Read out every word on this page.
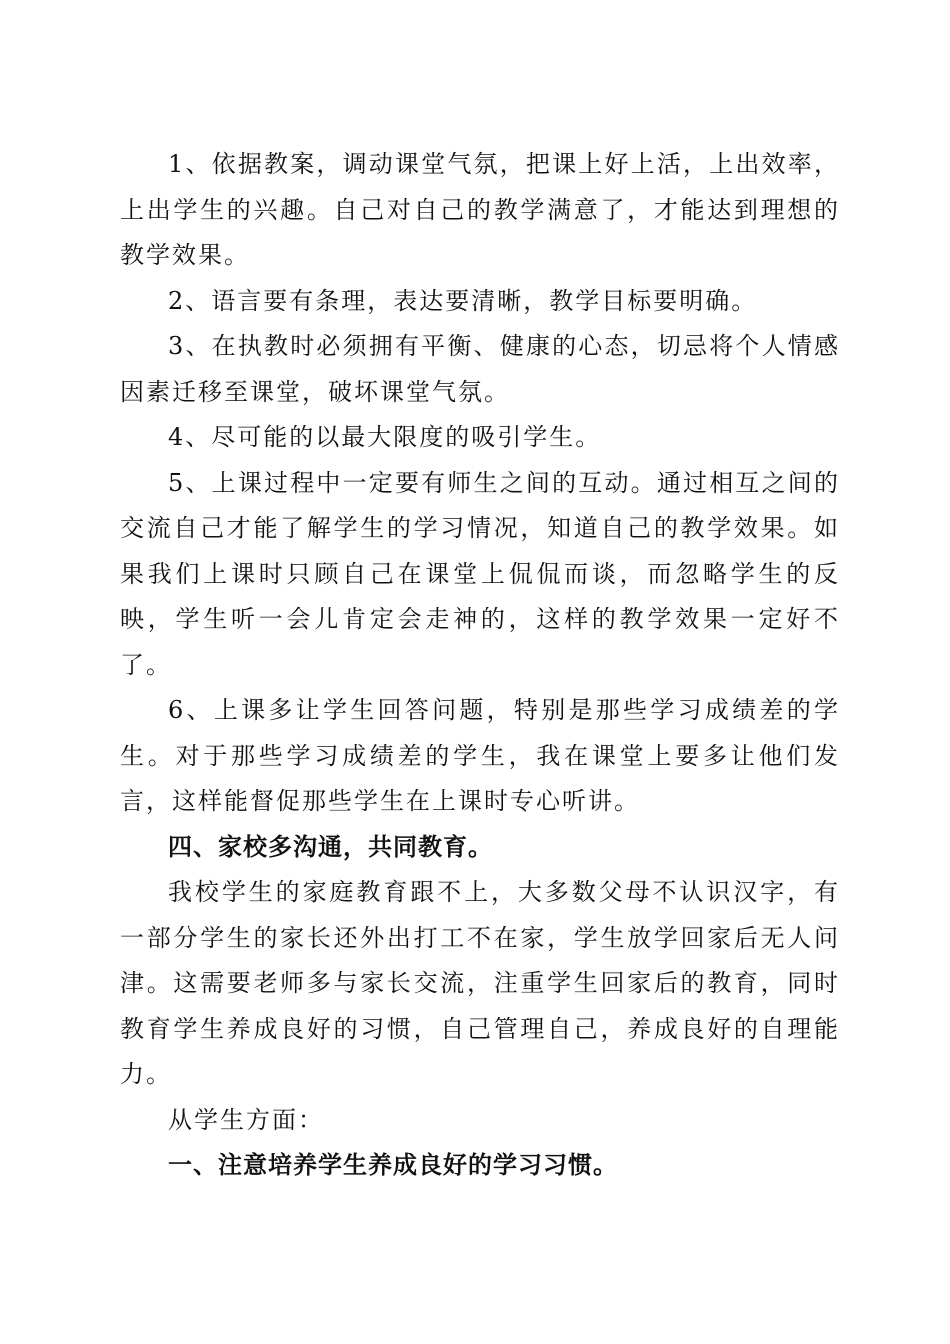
1、依据教案，调动课堂气氛，把课上好上活，上出效率，上出学生的兴趣。自己对自己的教学满意了，才能达到理想的教学效果。

2、语言要有条理，表达要清晰，教学目标要明确。

3、在执教时必须拥有平衡、健康的心态，切忌将个人情感因素迁移至课堂，破坏课堂气氛。

4、尽可能的以最大限度的吸引学生。

5、上课过程中一定要有师生之间的互动。通过相互之间的交流自己才能了解学生的学习情况，知道自己的教学效果。如果我们上课时只顾自己在课堂上侃侃而谈，而忽略学生的反映，学生听一会儿肯定会走神的，这样的教学效果一定好不了。

6、上课多让学生回答问题，特别是那些学习成绩差的学生。对于那些学习成绩差的学生，我在课堂上要多让他们发言，这样能督促那些学生在上课时专心听讲。

四、家校多沟通，共同教育。

我校学生的家庭教育跟不上，大多数父母不认识汉字，有一部分学生的家长还外出打工不在家，学生放学回家后无人问津。这需要老师多与家长交流，注重学生回家后的教育，同时教育学生养成良好的习惯，自己管理自己，养成良好的自理能力。

从学生方面：

一、注意培养学生养成良好的学习习惯。
